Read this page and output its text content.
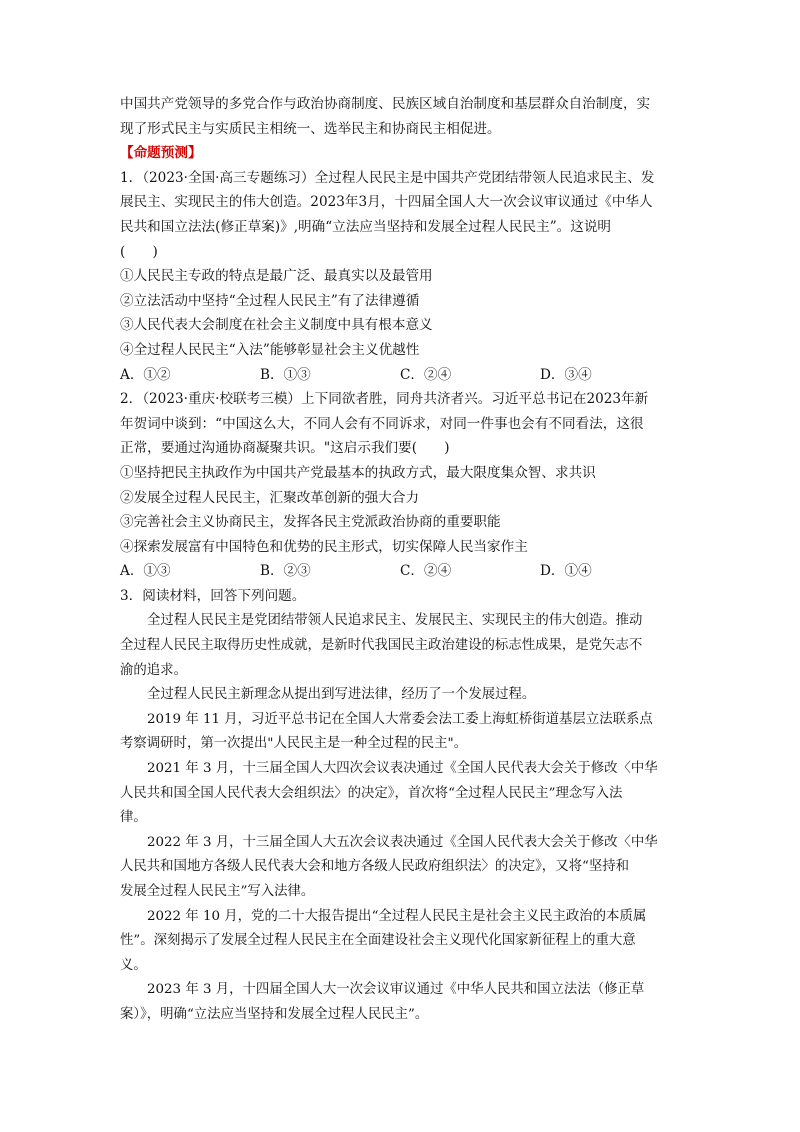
中国共产党领导的多党合作与政治协商制度、民族区域自治制度和基层群众自治制度，实
现了形式民主与实质民主相统一、选举民主和协商民主相促进。
【命题预测】
1．（2023·全国·高三专题练习）全过程人民民主是中国共产党团结带领人民追求民主、发
展民主、实现民主的伟大创造。2023年3月，十四届全国人大一次会议审议通过《中华人
民共和国立法法(修正草案)》,明确“立法应当坚持和发展全过程人民民主”。这说明
(　　)
①人民民主专政的特点是最广泛、最真实以及最管用
②立法活动中坚持“全过程人民民主”有了法律遵循
③人民代表大会制度在社会主义制度中具有根本意义
④全过程人民民主“入法”能够彰显社会主义优越性
A．①②	B．①③	C．②④	D．③④
2．（2023·重庆·校联考三模）上下同欲者胜，同舟共济者兴。习近平总书记在2023年新
年贺词中谈到：“中国这么大，不同人会有不同诉求，对同一件事也会有不同看法，这很
正常，要通过沟通协商凝聚共识。"这启示我们要(　　)
①坚持把民主执政作为中国共产党最基本的执政方式，最大限度集众智、求共识
②发展全过程人民民主，汇聚改革创新的强大合力
③完善社会主义协商民主，发挥各民主党派政治协商的重要职能
④探索发展富有中国特色和优势的民主形式，切实保障人民当家作主
A．①③	B．②③	C．②④	D．①④
3．阅读材料，回答下列问题。
全过程人民民主是党团结带领人民追求民主、发展民主、实现民主的伟大创造。推动
全过程人民民主取得历史性成就，是新时代我国民主政治建设的标志性成果，是党矢志不
渝的追求。
全过程人民民主新理念从提出到写进法律，经历了一个发展过程。
2019 年 11 月，习近平总书记在全国人大常委会法工委上海虹桥街道基层立法联系点
考察调研时，第一次提出"人民民主是一种全过程的民主"。
2021 年 3 月，十三届全国人大四次会议表决通过《全国人民代表大会关于修改〈中华
人民共和国全国人民代表大会组织法〉的决定》，首次将“全过程人民民主”理念写入法
律。
2022 年 3 月，十三届全国人大五次会议表决通过《全国人民代表大会关于修改〈中华
人民共和国地方各级人民代表大会和地方各级人民政府组织法〉的决定》，又将“坚持和
发展全过程人民民主”写入法律。
2022 年 10 月，党的二十大报告提出“全过程人民民主是社会主义民主政治的本质属
性”。深刻揭示了发展全过程人民民主在全面建设社会主义现代化国家新征程上的重大意
义。
2023 年 3 月，十四届全国人大一次会议审议通过《中华人民共和国立法法（修正草
案）》，明确“立法应当坚持和发展全过程人民民主”。
